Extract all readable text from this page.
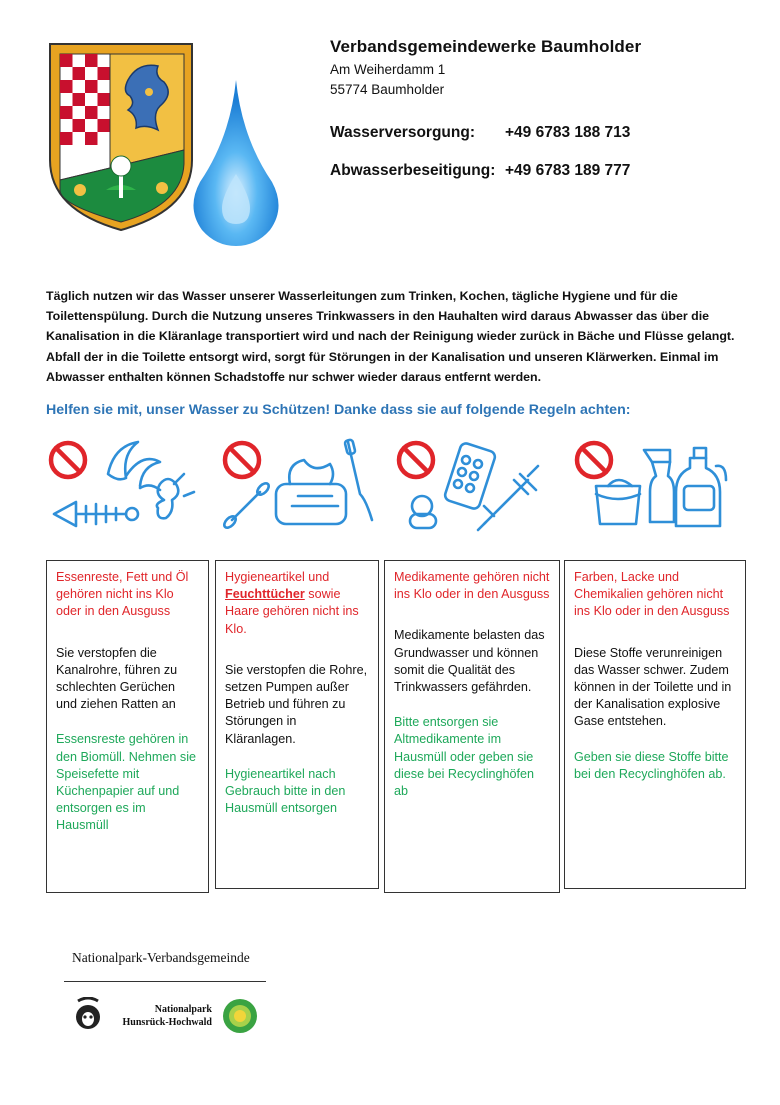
Verbandsgemeindewerke Baumholder
Am Weiherdamm 1
55774 Baumholder
Wasserversorgung: +49 6783 188 713
Abwasserbeseitigung: +49 6783 189 777
Täglich nutzen wir das Wasser unserer Wasserleitungen zum Trinken, Kochen, tägliche Hygiene und für die Toilettenspülung. Durch die Nutzung unseres Trinkwassers in den Hauhalten wird daraus Abwasser das über die Kanalisation in die Kläranlage transportiert wird und nach der Reinigung wieder zurück in Bäche und Flüsse gelangt. Abfall der in die Toilette entsorgt wird, sorgt für Störungen in der Kanalisation und unseren Klärwerken. Einmal im Abwasser enthalten können Schadstoffe nur schwer wieder daraus entfernt werden.
Helfen sie mit, unser Wasser zu Schützen! Danke dass sie auf folgende Regeln achten:
Essenreste, Fett und Öl gehören nicht ins Klo oder in den Ausguss
Sie verstopfen die Kanalrohre, führen zu schlechten Gerüchen und ziehen Ratten an
Essensreste gehören in den Biomüll. Nehmen sie Speisefette mit Küchenpapier auf und entsorgen es im Hausmüll
Hygieneartikel und
Feuchttücher sowie Haare gehören nicht ins Klo.
Sie verstopfen die Rohre, setzen Pumpen außer Betrieb und führen zu Störungen in Kläranlagen.
Hygieneartikel nach Gebrauch bitte in den Hausmüll entsorgen
Medikamente gehören nicht ins Klo oder in den Ausguss
Medikamente belasten das Grundwasser und können somit die Qualität des Trinkwassers gefährden.
Bitte entsorgen sie Altmedikamente im Hausmüll oder geben sie diese bei Recyclinghöfen ab
Farben, Lacke und Chemikalien gehören nicht ins Klo oder in den Ausguss
Diese Stoffe verunreinigen das Wasser schwer. Zudem können in der Toilette und in der Kanalisation explosive Gase entstehen.
Geben sie diese Stoffe bitte bei den Recyclinghöfen ab.
Nationalpark-Verbandsgemeinde
Nationalpark
Hunsrück-Hochwald
